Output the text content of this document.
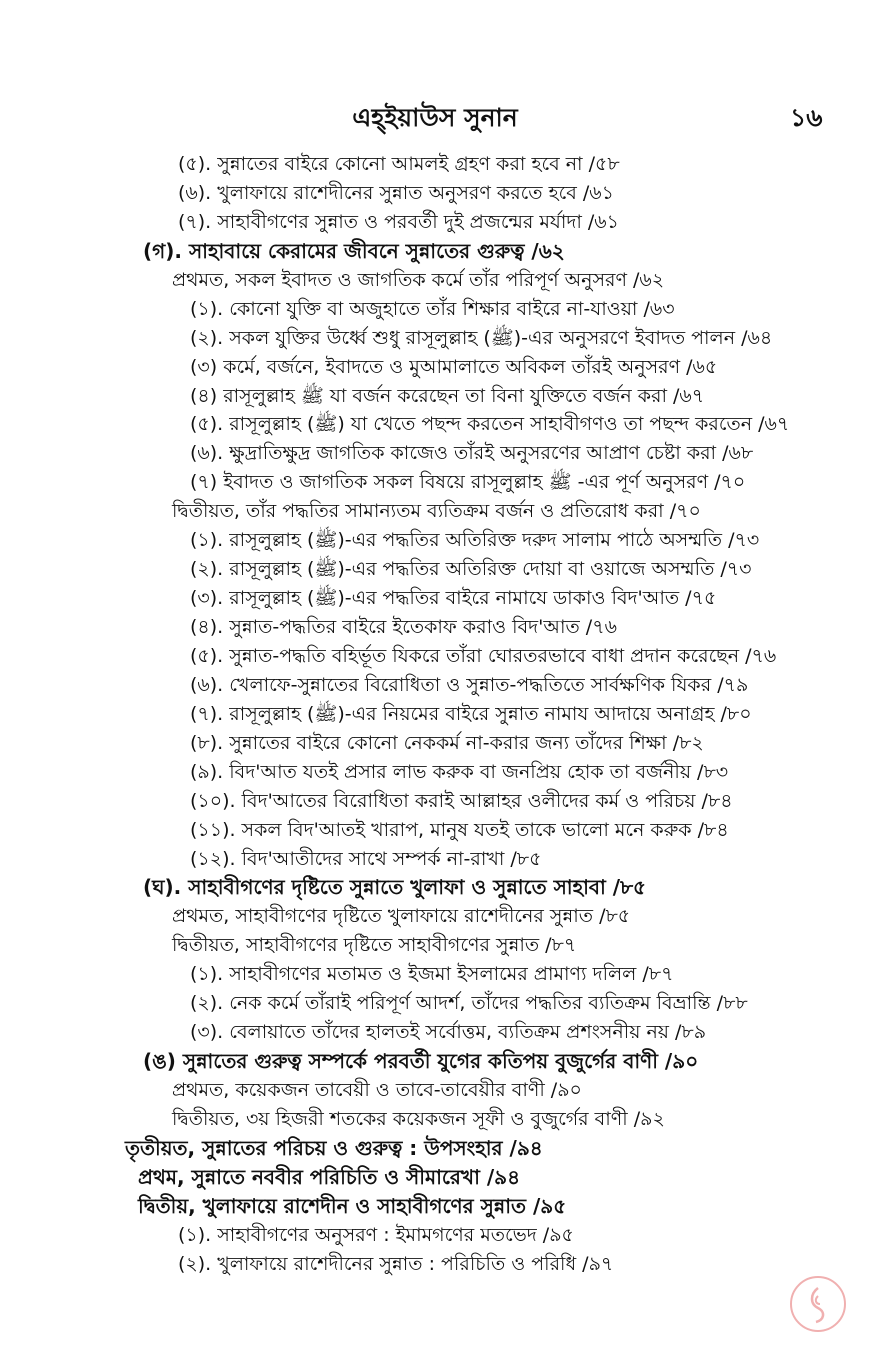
এহ্ইয়াউস সুনান	১৬
(৫). সুন্নাতের বাইরে কোনো আমলই গ্রহণ করা হবে না /৫৮
(৬). খুলাফায়ে রাশেদীনের সুন্নাত অনুসরণ করতে হবে /৬১
(৭). সাহাবীগণের সুন্নাত ও পরবর্তী দুই প্রজন্মের মর্যাদা /৬১
(গ). সাহাবায়ে কেরামের জীবনে সুন্নাতের গুরুত্ব /৬২
প্রথমত, সকল ইবাদত ও জাগতিক কর্মে তাঁর পরিপূর্ণ অনুসরণ /৬২
(১). কোনো যুক্তি বা অজুহাতে তাঁর শিক্ষার বাইরে না-যাওয়া /৬৩
(২). সকল যুক্তির উর্ধ্বে শুধু রাসূলুল্লাহ (ﷺ)-এর অনুসরণে ইবাদত পালন /৬৪
(৩) কর্মে, বর্জনে, ইবাদতে ও মুআমালাতে অবিকল তাঁরই অনুসরণ /৬৫
(৪) রাসূলুল্লাহ ﷺ যা বর্জন করেছেন তা বিনা যুক্তিতে বর্জন করা /৬৭
(৫). রাসূলুল্লাহ (ﷺ) যা খেতে পছন্দ করতেন সাহাবীগণও তা পছন্দ করতেন /৬৭
(৬). ক্ষুদ্রাতিক্ষুদ্র জাগতিক কাজেও তাঁরই অনুসরণের আপ্রাণ চেষ্টা করা /৬৮
(৭) ইবাদত ও জাগতিক সকল বিষয়ে রাসূলুল্লাহ ﷺ -এর পূর্ণ অনুসরণ /৭০
দ্বিতীয়ত, তাঁর পদ্ধতির সামান্যতম ব্যতিক্রম বর্জন ও প্রতিরোধ করা /৭০
(১). রাসূলুল্লাহ (ﷺ)-এর পদ্ধতির অতিরিক্ত দরুদ সালাম পাঠে অসম্মতি /৭৩
(২). রাসূলুল্লাহ (ﷺ)-এর পদ্ধতির অতিরিক্ত দোয়া বা ওয়াজে অসম্মতি /৭৩
(৩). রাসূলুল্লাহ (ﷺ)-এর পদ্ধতির বাইরে নামাযে ডাকাও বিদ'আত /৭৫
(৪). সুন্নাত-পদ্ধতির বাইরে ইতেকাফ করাও বিদ'আত /৭৬
(৫). সুন্নাত-পদ্ধতি বহির্ভূত যিকরে তাঁরা ঘোরতরভাবে বাধা প্রদান করেছেন /৭৬
(৬). খেলাফে-সুন্নাতের বিরোধিতা ও সুন্নাত-পদ্ধতিতে সার্বক্ষণিক যিকর /৭৯
(৭). রাসূলুল্লাহ (ﷺ)-এর নিয়মের বাইরে সুন্নাত নামায আদায়ে অনাগ্রহ /৮০
(৮). সুন্নাতের বাইরে কোনো নেককর্ম না-করার জন্য তাঁদের শিক্ষা /৮২
(৯). বিদ'আত যতই প্রসার লাভ করুক বা জনপ্রিয় হোক তা বর্জনীয় /৮৩
(১০). বিদ'আতের বিরোধিতা করাই আল্লাহর ওলীদের কর্ম ও পরিচয় /৮৪
(১১). সকল বিদ'আতই খারাপ, মানুষ যতই তাকে ভালো মনে করুক /৮৪
(১২). বিদ'আতীদের সাথে সম্পর্ক না-রাখা /৮৫
(ঘ). সাহাবীগণের দৃষ্টিতে সুন্নাতে খুলাফা ও সুন্নাতে সাহাবা /৮৫
প্রথমত, সাহাবীগণের দৃষ্টিতে খুলাফায়ে রাশেদীনের সুন্নাত /৮৫
দ্বিতীয়ত, সাহাবীগণের দৃষ্টিতে সাহাবীগণের সুন্নাত /৮৭
(১). সাহাবীগণের মতামত ও ইজমা ইসলামের প্রামাণ্য দলিল /৮৭
(২). নেক কর্মে তাঁরাই পরিপূর্ণ আদর্শ, তাঁদের পদ্ধতির ব্যতিক্রম বিভ্রান্তি /৮৮
(৩). বেলায়াতে তাঁদের হালতই সর্বোত্তম, ব্যতিক্রম প্রশংসনীয় নয় /৮৯
(ঙ) সুন্নাতের গুরুত্ব সম্পর্কে পরবর্তী যুগের কতিপয় বুজুর্গের বাণী /৯০
প্রথমত, কয়েকজন তাবেয়ী ও তাবে-তাবেয়ীর বাণী /৯০
দ্বিতীয়ত, ৩য় হিজরী শতকের কয়েকজন সূফী ও বুজুর্গের বাণী /৯২
তৃতীয়ত, সুন্নাতের পরিচয় ও গুরুত্ব : উপসংহার /৯৪
প্রথম, সুন্নাতে নববীর পরিচিতি ও সীমারেখা /৯৪
দ্বিতীয়, খুলাফায়ে রাশেদীন ও সাহাবীগণের সুন্নাত /৯৫
(১). সাহাবীগণের অনুসরণ : ইমামগণের মতভেদ /৯৫
(২). খুলাফায়ে রাশেদীনের সুন্নাত : পরিচিতি ও পরিধি /৯৭
